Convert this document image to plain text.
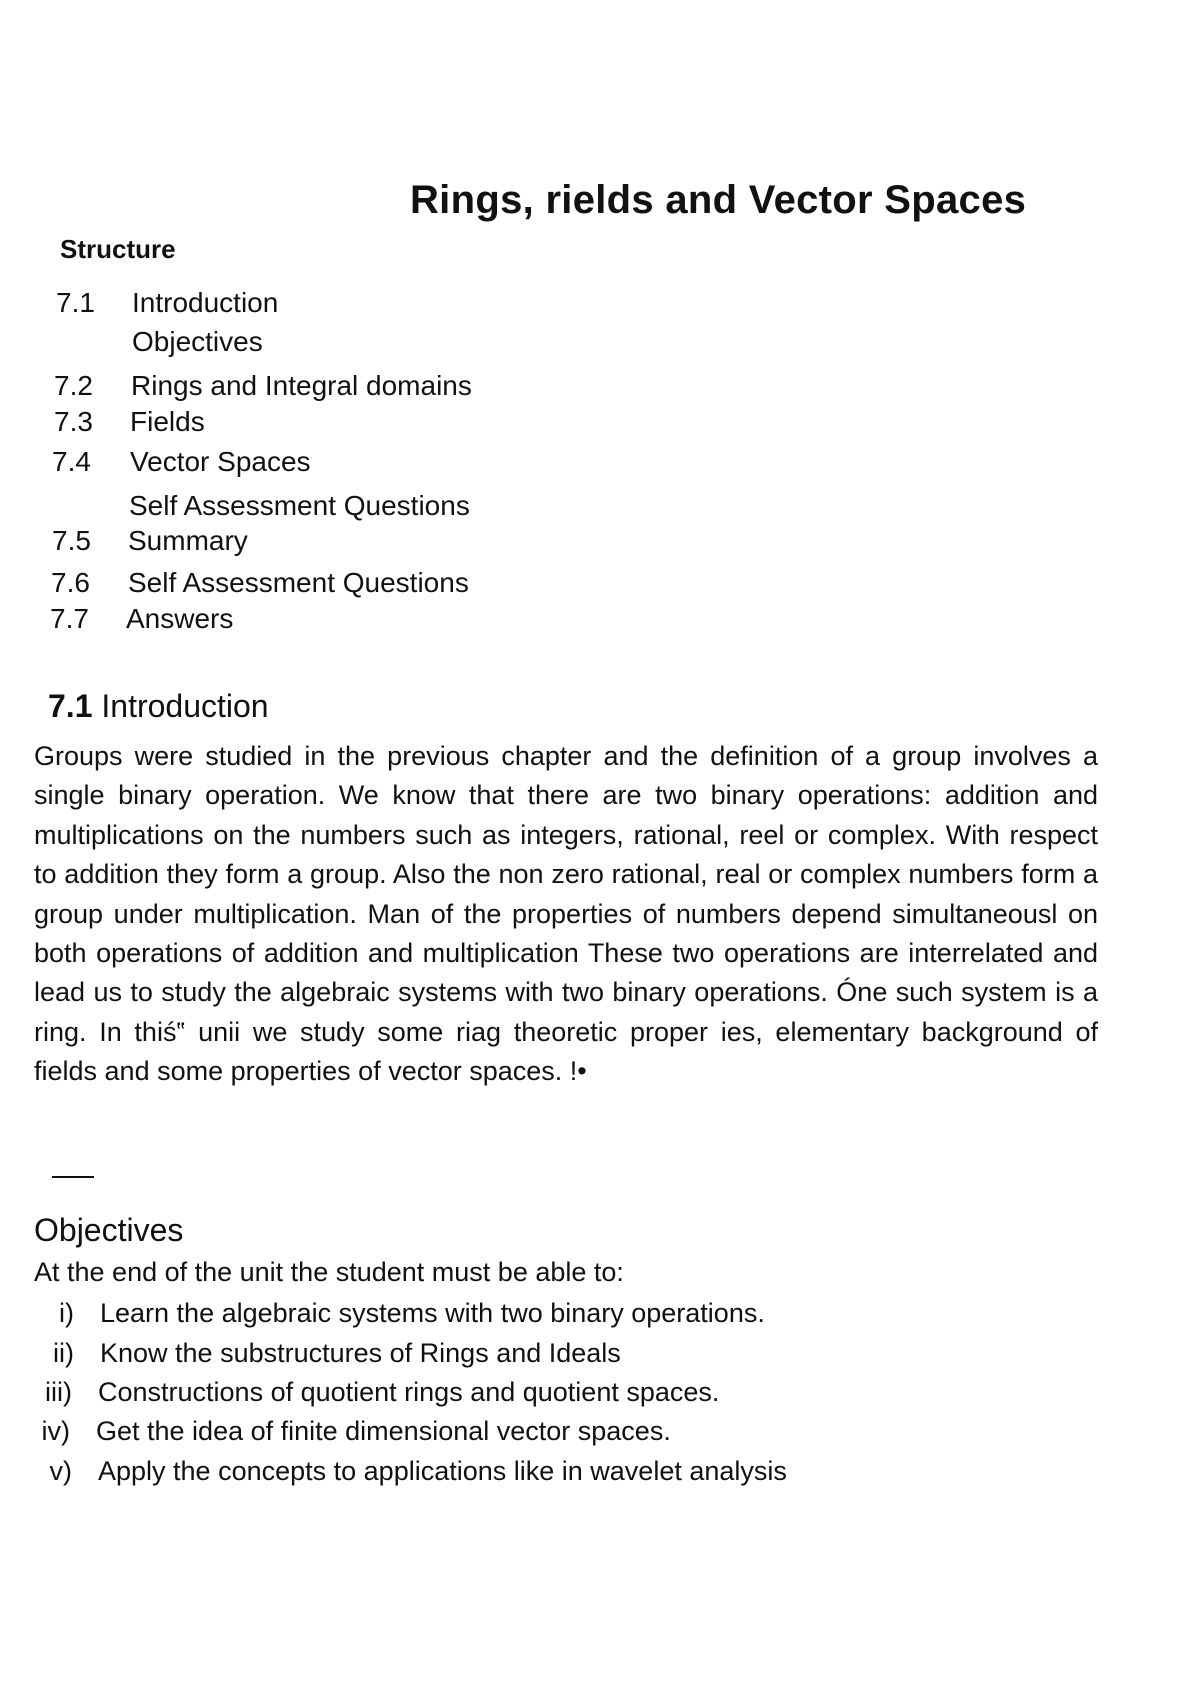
Rings, rields and Vector Spaces
Structure
7.1 Introduction
Objectives
7.2 Rings and Integral domains
7.3 Fields
7.4 Vector Spaces
Self Assessment Questions
7.5 Summary
7.6 Self Assessment Questions
7.7 Answers
7.1 Introduction
Groups were studied in the previous chapter and the definition of a group involves a single binary operation. We know that there are two binary operations: addition and multiplications on the numbers such as integers, rational, reel or complex. With respect to addition they form a group. Also the non zero rational, real or complex numbers form a group under multiplication. Man of the properties of numbers depend simultaneousl on both operations of addition and multiplication These two operations are interrelated and lead us to study the algebraic systems with two binary operations. Óne such system is a ring. In thiś‟ unii we study some riag theoretic proper ies, elementary background of fields and some properties of vector spaces. !•
Objectives
At the end of the unit the student must be able to:
i) Learn the algebraic systems with two binary operations.
ii) Know the substructures of Rings and Ideals
iii) Constructions of quotient rings and quotient spaces.
iv) Get the idea of finite dimensional vector spaces.
v) Apply the concepts to applications like in wavelet analysis
